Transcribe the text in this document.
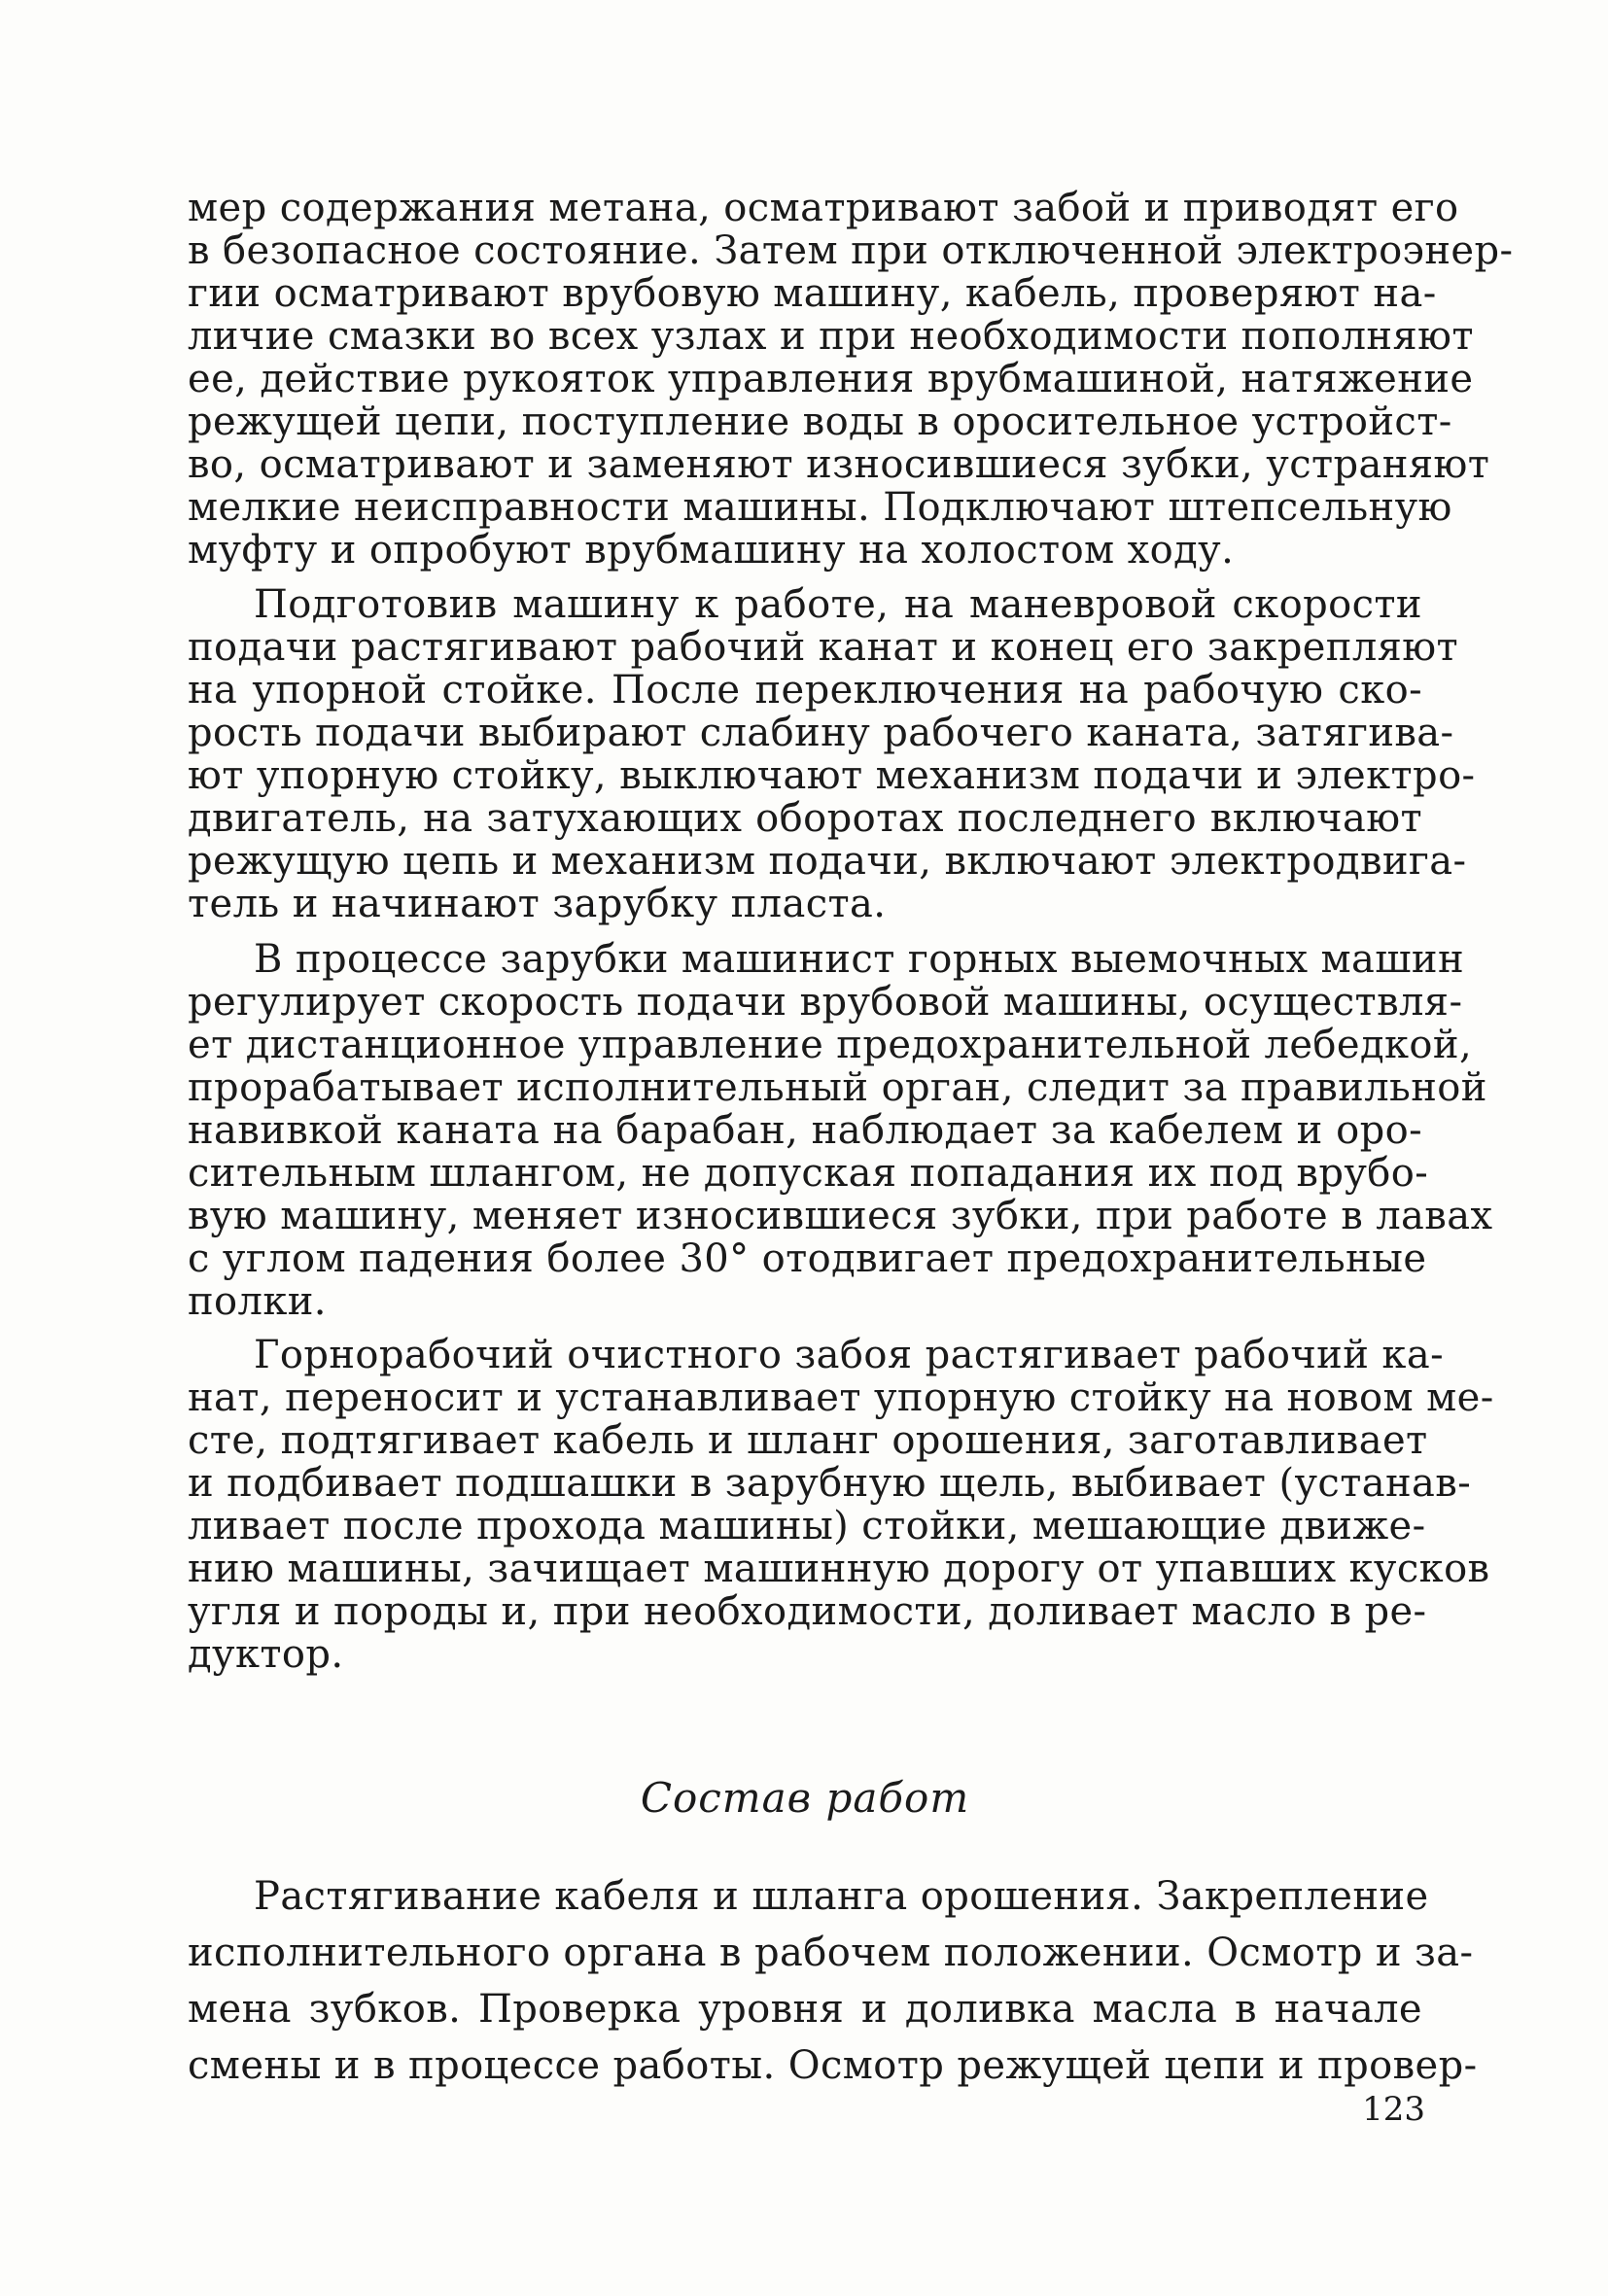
мер содержания метана, осматривают забой и приводят его
в безопасное состояние. Затем при отключенной электроэнер-
гии осматривают врубовую машину, кабель, проверяют на-
личие смазки во всех узлах и при необходимости пополняют
ее, действие рукояток управления врубмашиной, натяжение
режущей цепи, поступление воды в оросительное устройст-
во, осматривают и заменяют износившиеся зубки, устраняют
мелкие неисправности машины. Подключают штепсельную
муфту и опробуют врубмашину на холостом ходу.
Подготовив машину к работе, на маневровой скорости
подачи растягивают рабочий канат и конец его закрепляют
на упорной стойке. После переключения на рабочую ско-
рость подачи выбирают слабину рабочего каната, затягива-
ют упорную стойку, выключают механизм подачи и электро-
двигатель, на затухающих оборотах последнего включают
режущую цепь и механизм подачи, включают электродвига-
тель и начинают зарубку пласта.
В процессе зарубки машинист горных выемочных машин
регулирует скорость подачи врубовой машины, осуществля-
ет дистанционное управление предохранительной лебедкой,
прорабатывает исполнительный орган, следит за правильной
навивкой каната на барабан, наблюдает за кабелем и оро-
сительным шлангом, не допуская попадания их под врубо-
вую машину, меняет износившиеся зубки, при работе в лавах
с углом падения более 30° отодвигает предохранительные
полки.
Горнорабочий очистного забоя растягивает рабочий ка-
нат, переносит и устанавливает упорную стойку на новом ме-
сте, подтягивает кабель и шланг орошения, заготавливает
и подбивает подшашки в зарубную щель, выбивает (устанав-
ливает после прохода машины) стойки, мешающие движе-
нию машины, зачищает машинную дорогу от упавших кусков
угля и породы и, при необходимости, доливает масло в ре-
дуктор.
Состав работ
Растягивание кабеля и шланга орошения. Закрепление
исполнительного органа в рабочем положении. Осмотр и за-
мена зубков. Проверка уровня и доливка масла в начале
смены и в процессе работы. Осмотр режущей цепи и провер-
123
